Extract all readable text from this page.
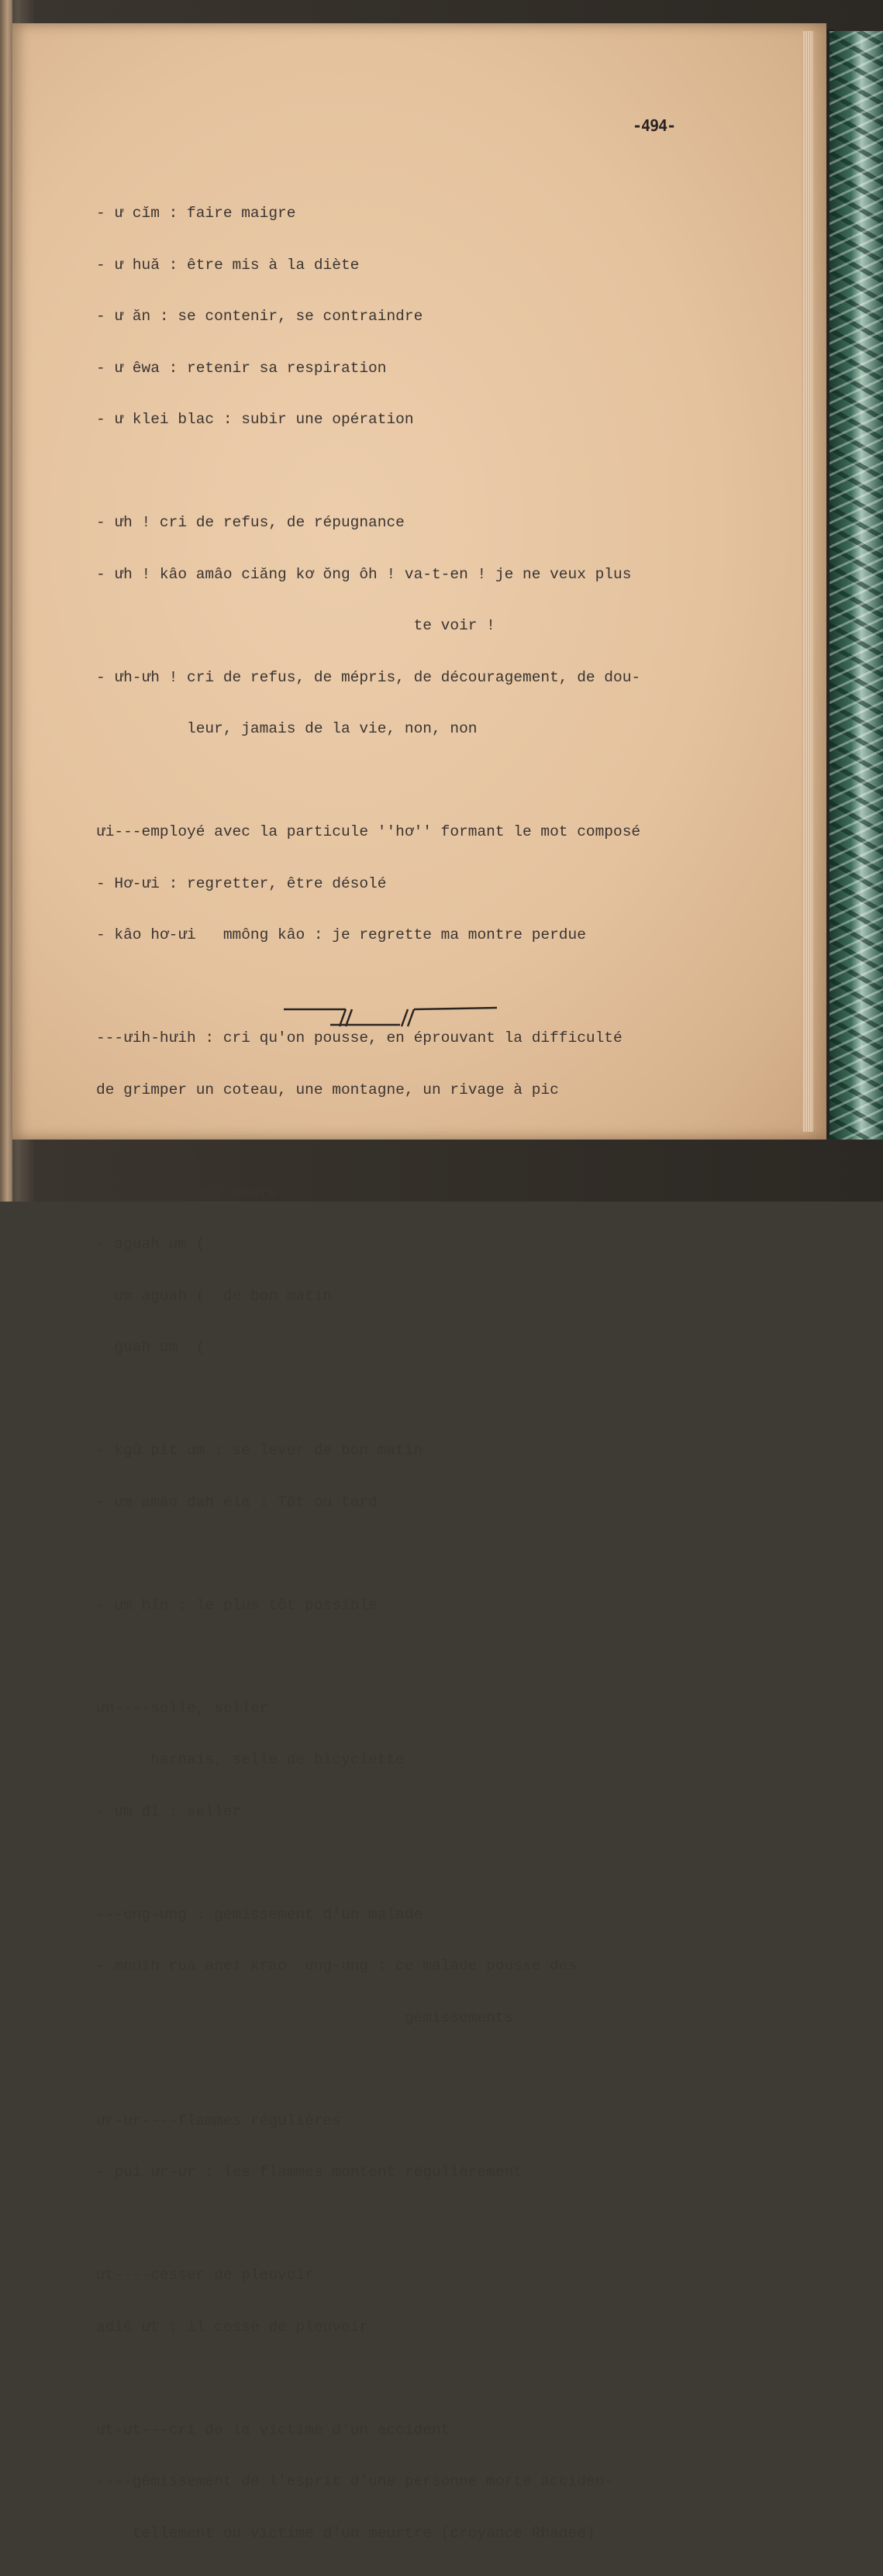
-494-

- ư cĭm : faire maigre

- ư huă : être mis à la diète

- ư ăn : se contenir, se contraindre

- ư êwa : retenir sa respiration

- ư klei blac : subir une opération

- ưh ! cri de refus, de répugnance

- ưh ! kâo amâo ciăng kơ ŏng ôh ! va-t-en ! je ne veux plus

te voir !

- ưh-ưh ! cri de refus, de mépris, de découragement, de dou-

leur, jamais de la vie, non, non

ưi---employé avec la particule ''hơ'' formant le mot composé

- Hơ-ưi : regretter, être désolé

- kâo hơ-ưi   mmông kâo : je regrette ma montre perdue

---ưih-hưih : cri qu'on pousse, en éprouvant la difficulté

de grimper un coteau, une montagne, un rivage à pic

ưm----de bonne heure

- aguah ưm (

ưm aguah (  de bon matin

guah ưm  (

- kgŭ pĭt ưm : se lever de bon matin

- ưm amâo dah êla : Tôt ou tard

- ưm hĭn : le plus tôt possible

ưn----selle, seller

harnais, selle de bicyclette

- ưm đĭ : seller

---ưng-ưng : gémissement d'un malade

- mnuih ruă anei krao  ưng-ưng : ce malade pousse des

gémissements

ưr-ưr----flammes régulières

- pui ưr-ưr : les flammes montent régulièrement

ưt----cesser de pleuvoir

adiê ưt : il cesse de pleuvoir

ưt-ưt---cri de la victime d'un accident

----gémissement de l'esprit d'une personne morte acciden-

tellement ou victime d'un meurtre (croyance Rhadée)
